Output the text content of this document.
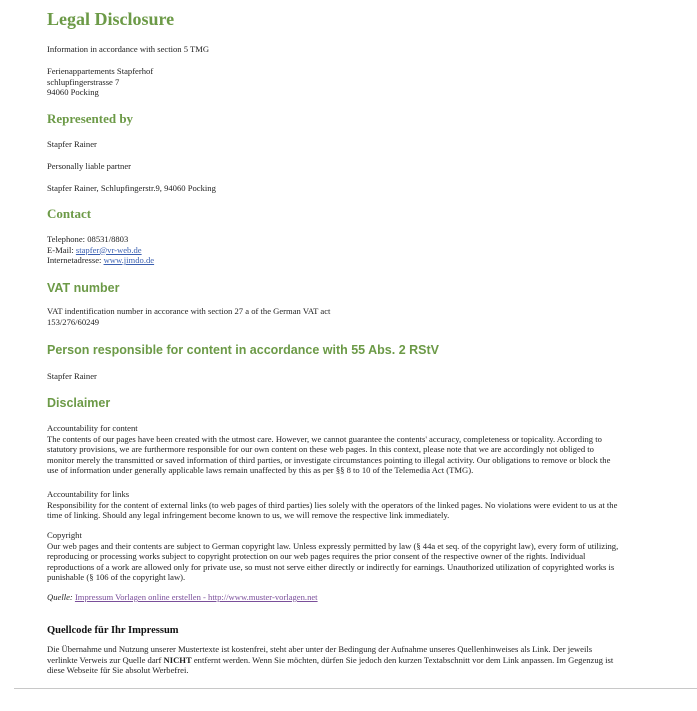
Legal Disclosure
Information in accordance with section 5 TMG
Ferienappartements Stapferhof
schlupfingerstrasse 7
94060 Pocking
Represented by
Stapfer Rainer
Personally liable partner
Stapfer Rainer, Schlupfingerstr.9, 94060 Pocking
Contact
Telephone: 08531/8803
E-Mail: stapfer@vr-web.de
Internetadresse: www.jimdo.de
VAT number
VAT indentification number in accorance with section 27 a of the German VAT act
153/276/60249
Person responsible for content in accordance with 55 Abs. 2 RStV
Stapfer Rainer
Disclaimer
Accountability for content
The contents of our pages have been created with the utmost care. However, we cannot guarantee the contents' accuracy, completeness or topicality. According to
statutory provisions, we are furthermore responsible for our own content on these web pages. In this context, please note that we are accordingly not obliged to
monitor merely the transmitted or saved information of third parties, or investigate circumstances pointing to illegal activity. Our obligations to remove or block the
use of information under generally applicable laws remain unaffected by this as per §§ 8 to 10 of the Telemedia Act (TMG).
Accountability for links
Responsibility for the content of external links (to web pages of third parties) lies solely with the operators of the linked pages. No violations were evident to us at the
time of linking. Should any legal infringement become known to us, we will remove the respective link immediately.
Copyright
Our web pages and their contents are subject to German copyright law. Unless expressly permitted by law (§ 44a et seq. of the copyright law), every form of utilizing,
reproducing or processing works subject to copyright protection on our web pages requires the prior consent of the respective owner of the rights. Individual
reproductions of a work are allowed only for private use, so must not serve either directly or indirectly for earnings. Unauthorized utilization of copyrighted works is
punishable (§ 106 of the copyright law).
Quelle: Impressum Vorlagen online erstellen - http://www.muster-vorlagen.net
Quellcode für Ihr Impressum
Die Übernahme und Nutzung unserer Mustertexte ist kostenfrei, steht aber unter der Bedingung der Aufnahme unseres Quellenhinweises als Link. Der jeweils
verlinkte Verweis zur Quelle darf NICHT entfernt werden. Wenn Sie möchten, dürfen Sie jedoch den kurzen Textabschnitt vor dem Link anpassen. Im Gegenzug ist
diese Webseite für Sie absolut Werbefrei.
